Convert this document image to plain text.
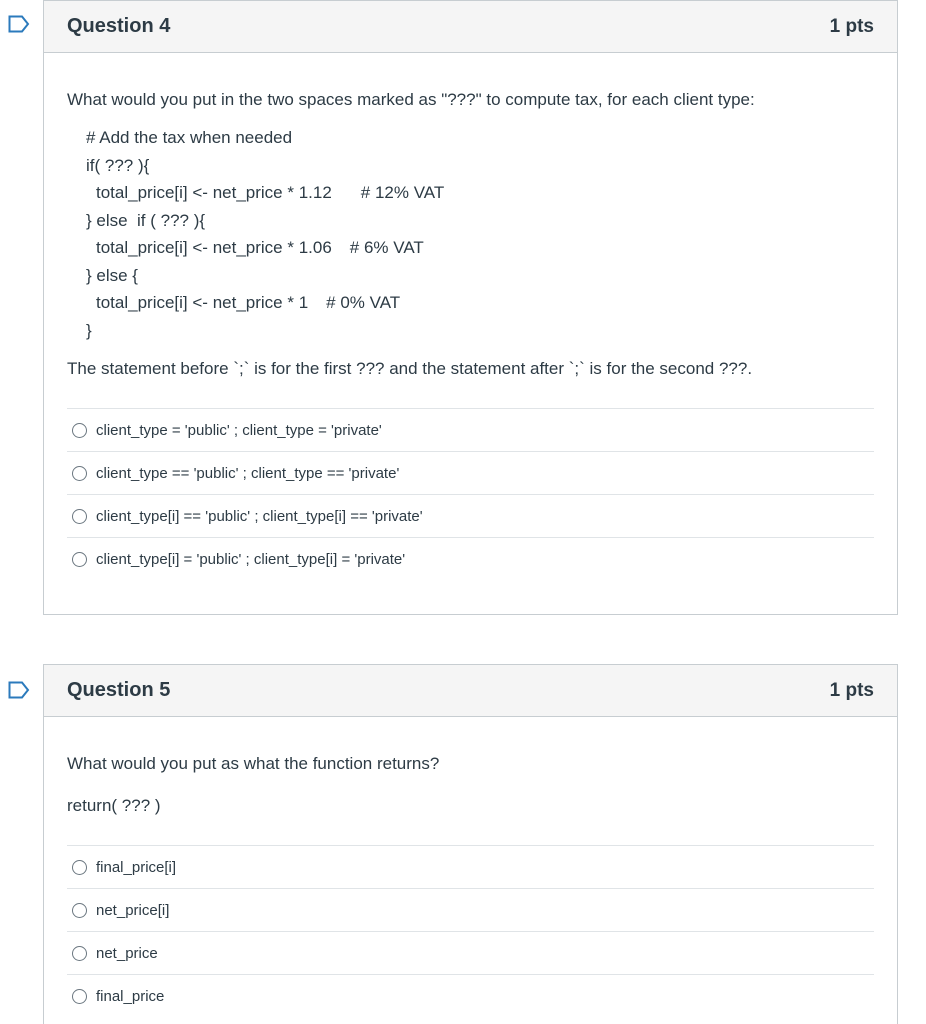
Question 4	1 pts

What would you put in the two spaces marked as "???" to compute tax, for each client type:

# Add the tax when needed
if( ??? ){
total_price[i] <- net_price * 1.12 # 12% VAT
} else  if ( ??? ){
total_price[i] <- net_price * 1.06 # 6% VAT
} else {
total_price[i] <- net_price * 1 # 0% VAT
}

The statement before `;` is for the first ??? and the statement after `;` is for the second ???.

client_type = 'public' ; client_type = 'private'
client_type == 'public' ; client_type == 'private'
client_type[i] == 'public' ; client_type[i] == 'private'
client_type[i] = 'public' ; client_type[i] = 'private'
Question 5	1 pts

What would you put as what the function returns?

return( ??? )

final_price[i]
net_price[i]
net_price
final_price
